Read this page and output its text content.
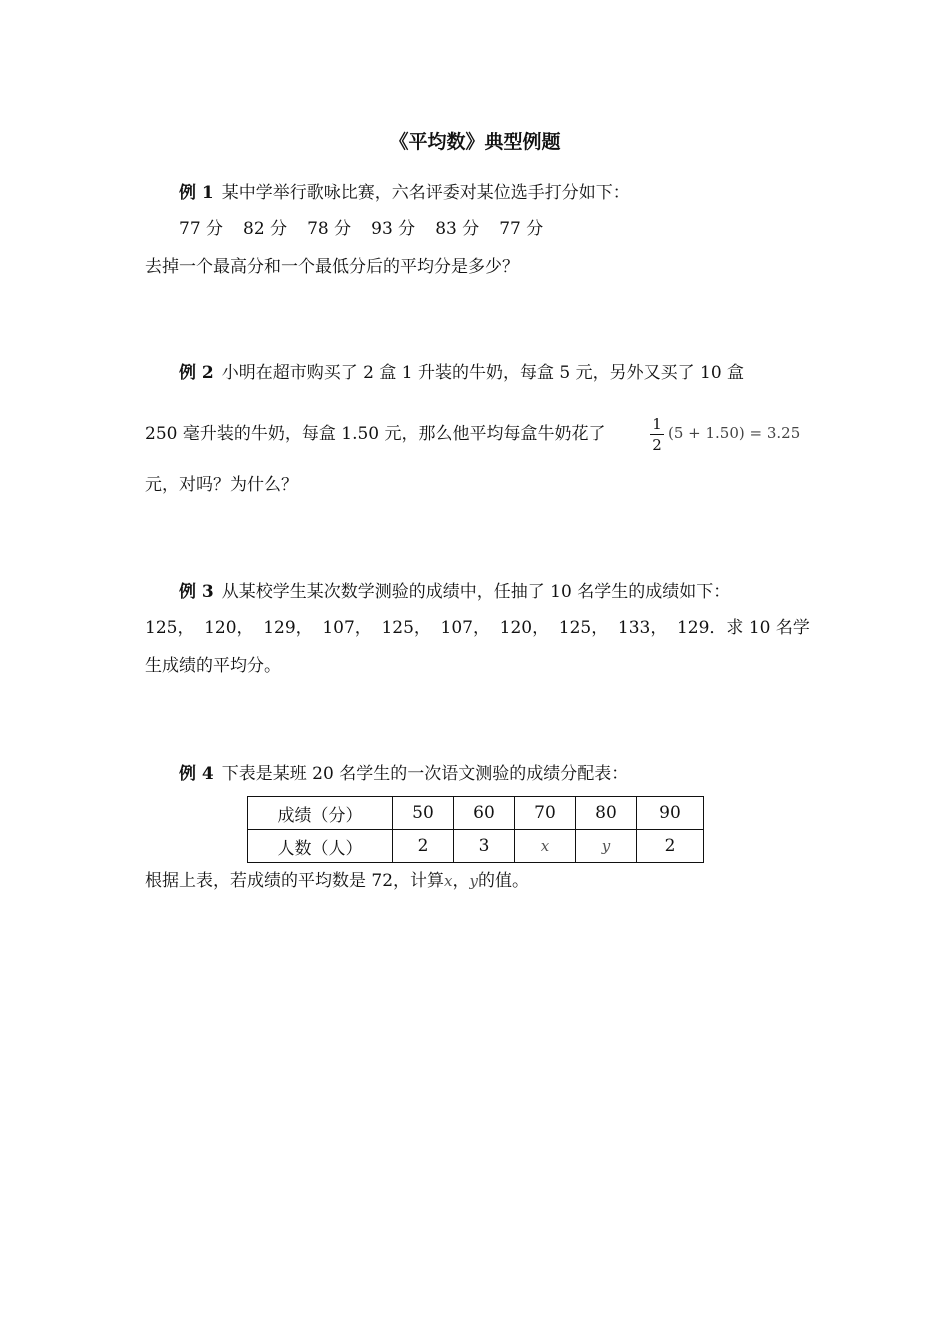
《平均数》典型例题
例 1 某中学举行歌咏比赛，六名评委对某位选手打分如下：
77 分 82 分 78 分 93 分 83 分 77 分
去掉一个最高分和一个最低分后的平均分是多少？
例 2 小明在超市购买了 2 盒 1 升装的牛奶，每盒 5 元，另外又买了 10 盒
250 毫升装的牛奶，每盒 1.50 元，那么他平均每盒牛奶花了	1
2
(5 + 1.50) = 3.25
元，对吗？为什么？
例 3 从某校学生某次数学测验的成绩中，任抽了 10 名学生的成绩如下：
125， 120， 129， 107， 125， 107， 120， 125， 133， 129．求 10 名学
生成绩的平均分。
例 4 下表是某班 20 名学生的一次语文测验的成绩分配表：
成绩（分）	50	60	70	80	90
人数（人）	2	3	x	y	2
根据上表，若成绩的平均数是 72，计算x，y的值。
